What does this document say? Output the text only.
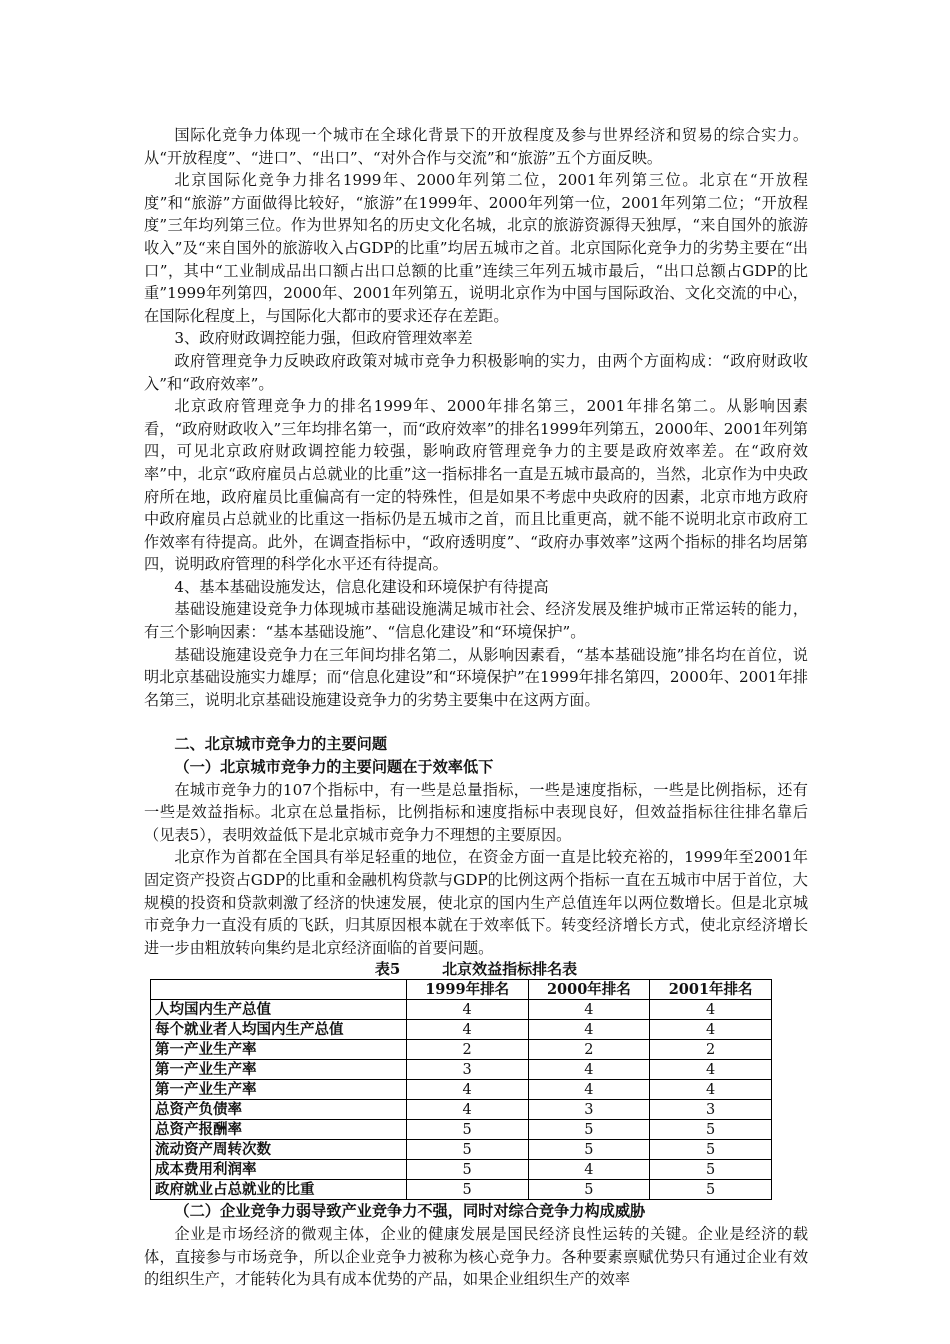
国际化竞争力体现一个城市在全球化背景下的开放程度及参与世界经济和贸易的综合实力。从“开放程度”、“进口”、“出口”、“对外合作与交流”和“旅游”五个方面反映。

北京国际化竞争力排名1999年、2000年列第二位，2001年列第三位。北京在“开放程度”和“旅游”方面做得比较好，“旅游”在1999年、2000年列第一位，2001年列第二位；“开放程度”三年均列第三位。作为世界知名的历史文化名城，北京的旅游资源得天独厚，“来自国外的旅游收入”及“来自国外的旅游收入占GDP的比重”均居五城市之首。北京国际化竞争力的劣势主要在“出口”，其中“工业制成品出口额占出口总额的比重”连续三年列五城市最后，“出口总额占GDP的比重”1999年列第四，2000年、2001年列第五，说明北京作为中国与国际政治、文化交流的中心，在国际化程度上，与国际化大都市的要求还存在差距。

3、政府财政调控能力强，但政府管理效率差

政府管理竞争力反映政府政策对城市竞争力积极影响的实力，由两个方面构成：“政府财政收入”和“政府效率”。

北京政府管理竞争力的排名1999年、2000年排名第三，2001年排名第二。从影响因素看，“政府财政收入”三年均排名第一，而“政府效率”的排名1999年列第五，2000年、2001年列第四，可见北京政府财政调控能力较强，影响政府管理竞争力的主要是政府效率差。在“政府效率”中，北京“政府雇员占总就业的比重”这一指标排名一直是五城市最高的，当然，北京作为中央政府所在地，政府雇员比重偏高有一定的特殊性，但是如果不考虑中央政府的因素，北京市地方政府中政府雇员占总就业的比重这一指标仍是五城市之首，而且比重更高，就不能不说明北京市政府工作效率有待提高。此外，在调查指标中，“政府透明度”、“政府办事效率”这两个指标的排名均居第四，说明政府管理的科学化水平还有待提高。

4、基本基础设施发达，信息化建设和环境保护有待提高

基础设施建设竞争力体现城市基础设施满足城市社会、经济发展及维护城市正常运转的能力，有三个影响因素：“基本基础设施”、“信息化建设”和“环境保护”。

基础设施建设竞争力在三年间均排名第二，从影响因素看，“基本基础设施”排名均在首位，说明北京基础设施实力雄厚；而“信息化建设”和“环境保护”在1999年排名第四，2000年、2001年排名第三，说明北京基础设施建设竞争力的劣势主要集中在这两方面。

二、北京城市竞争力的主要问题

（一）北京城市竞争力的主要问题在于效率低下

在城市竞争力的107个指标中，有一些是总量指标，一些是速度指标，一些是比例指标，还有一些是效益指标。北京在总量指标，比例指标和速度指标中表现良好，但效益指标往往排名靠后（见表5），表明效益低下是北京城市竞争力不理想的主要原因。

北京作为首都在全国具有举足轻重的地位，在资金方面一直是比较充裕的，1999年至2001年固定资产投资占GDP的比重和金融机构贷款与GDP的比例这两个指标一直在五城市中居于首位，大规模的投资和贷款刺激了经济的快速发展，使北京的国内生产总值连年以两位数增长。但是北京城市竞争力一直没有质的飞跃，归其原因根本就在于效率低下。转变经济增长方式，使北京经济增长进一步由粗放转向集约是北京经济面临的首要问题。

表5	北京效益指标排名表

	1999年排名	2000年排名	2001年排名
人均国内生产总值	4	4	4
每个就业者人均国内生产总值	4	4	4
第一产业生产率	2	2	2
第一产业生产率	3	4	4
第一产业生产率	4	4	4
总资产负债率	4	3	3
总资产报酬率	5	5	5
流动资产周转次数	5	5	5
成本费用利润率	5	4	5
政府就业占总就业的比重	5	5	5

（二）企业竞争力弱导致产业竞争力不强，同时对综合竞争力构成威胁

企业是市场经济的微观主体，企业的健康发展是国民经济良性运转的关键。企业是经济的载体，直接参与市场竞争，所以企业竞争力被称为核心竞争力。各种要素禀赋优势只有通过企业有效的组织生产，才能转化为具有成本优势的产品，如果企业组织生产的效率
